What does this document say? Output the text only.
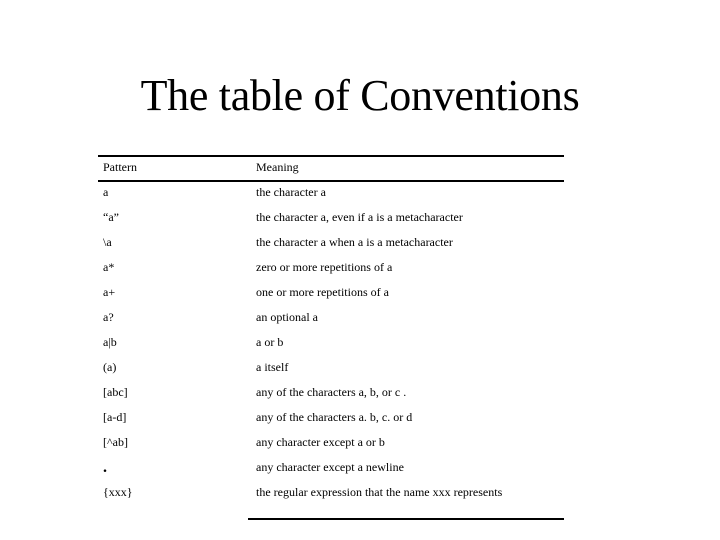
The table of Conventions
Pattern	Meaning
a	the character a
“a”	the character a, even if a is a metacharacter
\a	the character a when a is a metacharacter
a*	zero or more repetitions of a
a+	one or more repetitions of a
a?	an optional a
a|b	a or b
(a)	a itself
[abc]	any of the characters a, b, or c .
[a-d]	any of the characters a. b, c. or d
[^ab]	any character except a or b
.	any character except a newline
{xxx}	the regular expression that the name xxx represents
